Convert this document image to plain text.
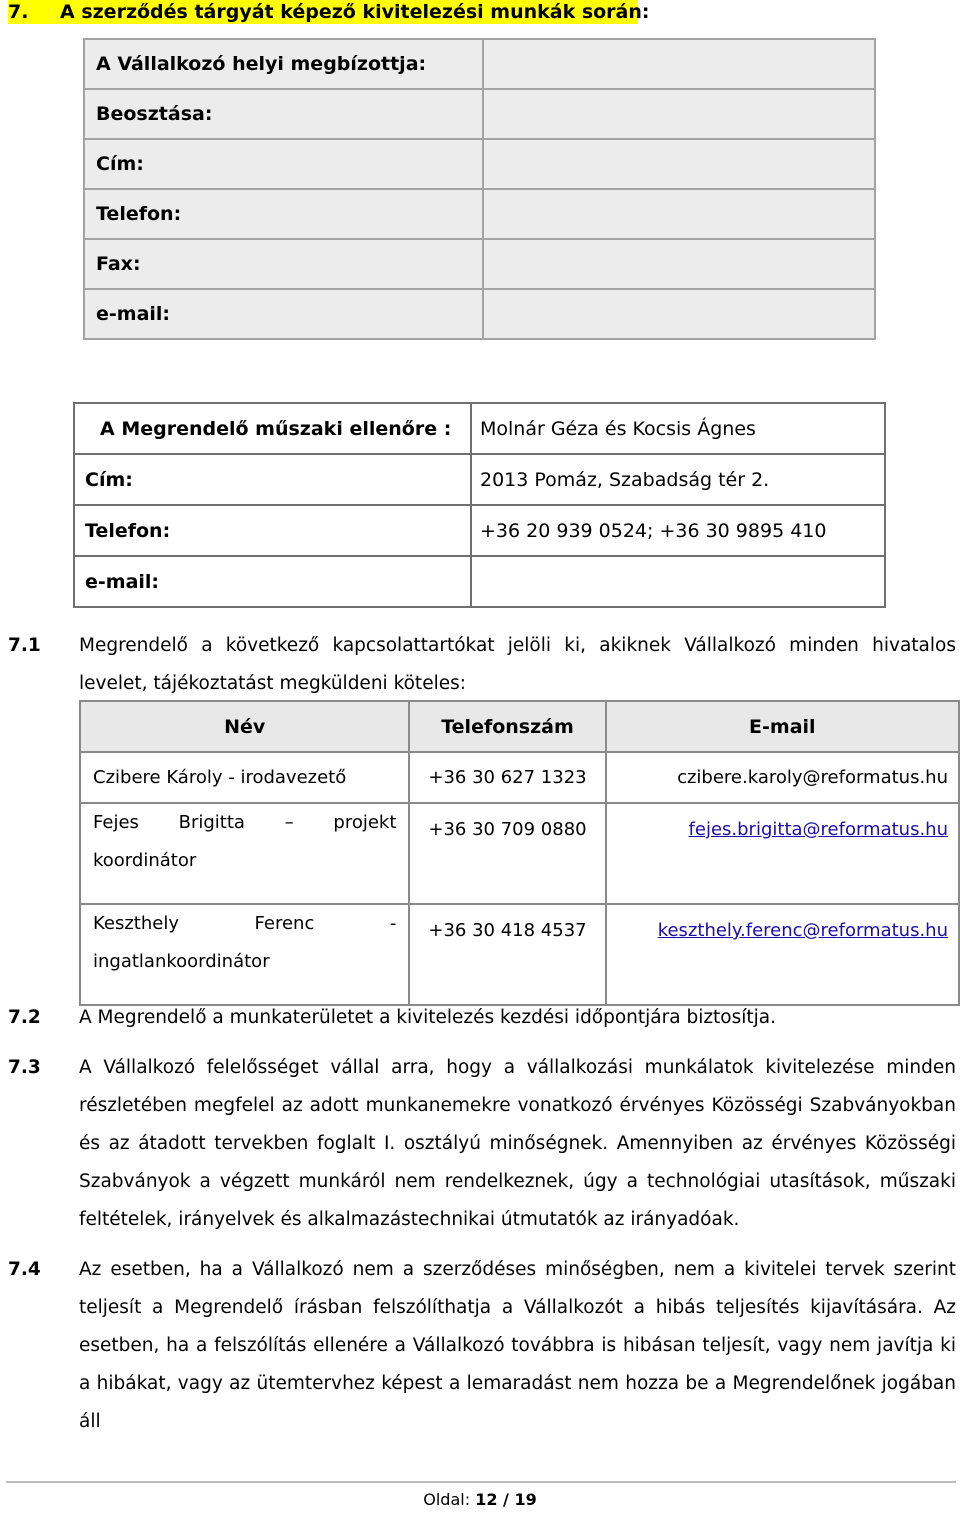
7. A szerződés tárgyát képező kivitelezési munkák során:
A Vállalkozó helyi megbízottja:	
Beosztása:	
Cím:	
Telefon:	
Fax:	
e-mail:	
A Megrendelő műszaki ellenőre :	Molnár Géza és Kocsis Ágnes
Cím:	2013 Pomáz, Szabadság tér 2.
Telefon:	+36 20 939 0524; +36 30 9895 410
e-mail:	
7.1 Megrendelő a következő kapcsolattartókat jelöli ki, akiknek Vállalkozó minden hivatalos levelet, tájékoztatást megküldeni köteles:
Név	Telefonszám	E-mail
Czibere Károly - irodavezető	+36 30 627 1323	czibere.karoly@reformatus.hu
Fejes Brigitta – projekt koordinátor	+36 30 709 0880	fejes.brigitta@reformatus.hu
Keszthely Ferenc - ingatlankoordinátor	+36 30 418 4537	keszthely.ferenc@reformatus.hu
7.2 A Megrendelő a munkaterületet a kivitelezés kezdési időpontjára biztosítja.
7.3 A Vállalkozó felelősséget vállal arra, hogy a vállalkozási munkálatok kivitelezése minden részletében megfelel az adott munkanemekre vonatkozó érvényes Közösségi Szabványokban és az átadott tervekben foglalt I. osztályú minőségnek. Amennyiben az érvényes Közösségi Szabványok a végzett munkáról nem rendelkeznek, úgy a technológiai utasítások, műszaki feltételek, irányelvek és alkalmazástechnikai útmutatók az irányadóak.
7.4 Az esetben, ha a Vállalkozó nem a szerződéses minőségben, nem a kivitelei tervek szerint teljesít a Megrendelő írásban felszólíthatja a Vállalkozót a hibás teljesítés kijavítására. Az esetben, ha a felszólítás ellenére a Vállalkozó továbbra is hibásan teljesít, vagy nem javítja ki a hibákat, vagy az ütemtervhez képest a lemaradást nem hozza be a Megrendelőnek jogában áll
Oldal: 12 / 19
